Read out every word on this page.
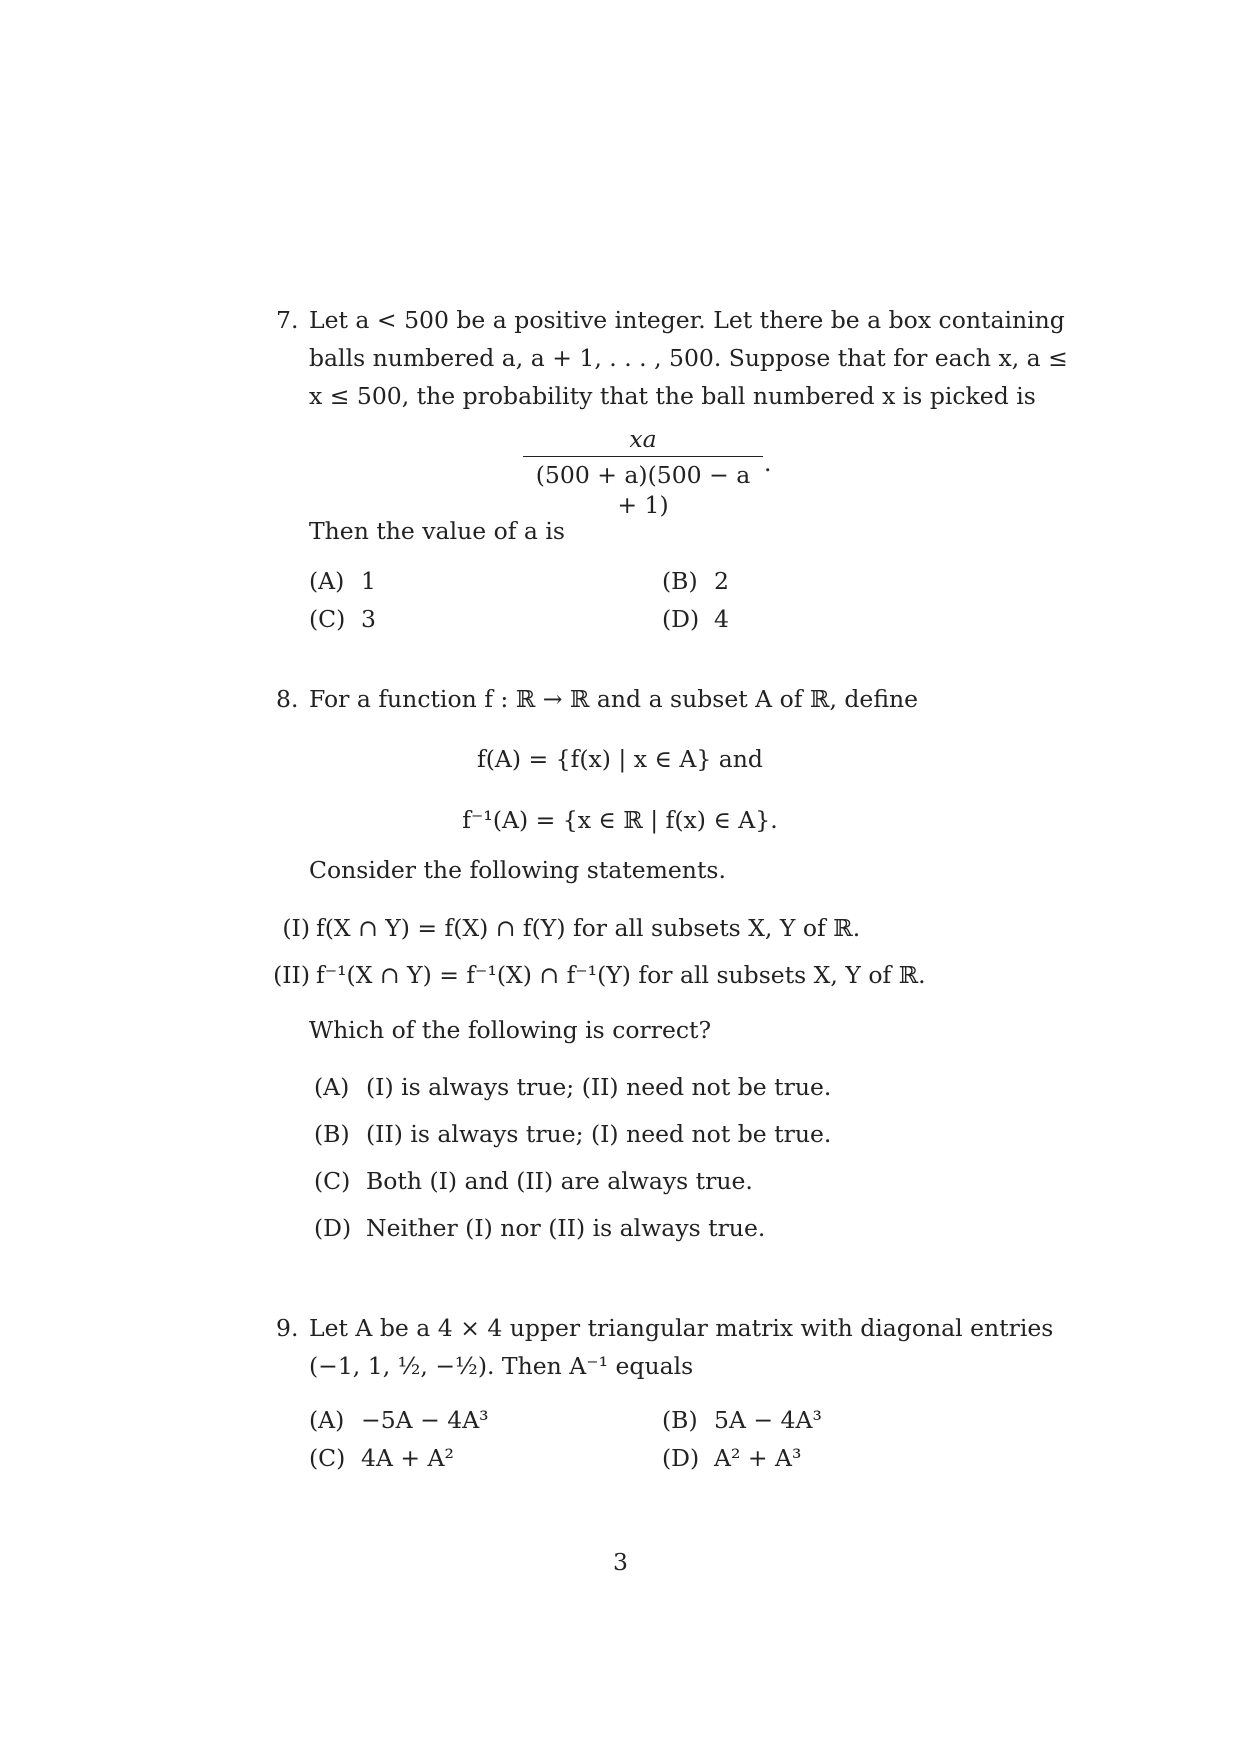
7. Let a < 500 be a positive integer. Let there be a box containing
balls numbered a, a + 1, . . . , 500. Suppose that for each x, a ≤
x ≤ 500, the probability that the ball numbered x is picked is
xa
(500 + a)(500 − a + 1)
.
Then the value of a is
(A) 1	(B) 2
(C) 3	(D) 4
8. For a function f : ℝ → ℝ and a subset A of ℝ, define
f(A) = {f(x) | x ∈ A} and
f⁻¹(A) = {x ∈ ℝ | f(x) ∈ A}.
Consider the following statements.
(I) f(X ∩ Y) = f(X) ∩ f(Y) for all subsets X, Y of ℝ.
(II) f⁻¹(X ∩ Y) = f⁻¹(X) ∩ f⁻¹(Y) for all subsets X, Y of ℝ.
Which of the following is correct?
(A) (I) is always true; (II) need not be true.
(B) (II) is always true; (I) need not be true.
(C) Both (I) and (II) are always true.
(D) Neither (I) nor (II) is always true.
9. Let A be a 4 × 4 upper triangular matrix with diagonal entries
(−1, 1, ½, −½). Then A⁻¹ equals
(A) −5A − 4A³	(B) 5A − 4A³
(C) 4A + A²	(D) A² + A³
3
